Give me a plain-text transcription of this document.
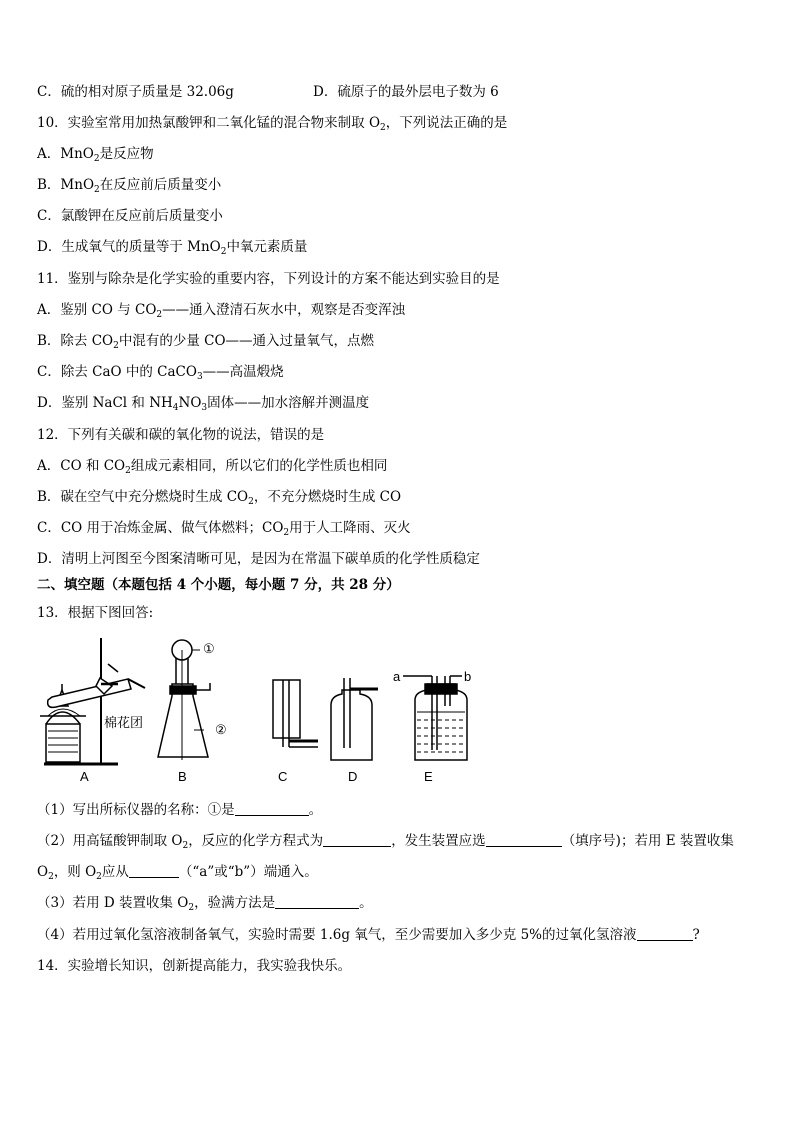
C．硫的相对原子质量是 32.06g	D．硫原子的最外层电子数为 6
10．实验室常用加热氯酸钾和二氧化锰的混合物来制取 $O_2$，下列说法正确的是
A．MnO$_2$是反应物
B．MnO$_2$在反应前后质量变小
C．氯酸钾在反应前后质量变小
D．生成氧气的质量等于 MnO$_2$中氧元素质量
11．鉴别与除杂是化学实验的重要内容，下列设计的方案不能达到实验目的是
A．鉴别 CO 与 $CO_2——$通入澄清石灰水中，观察是否变浑浊
B．除去 $CO_2$中混有的少量 CO——通入过量氧气，点燃
C．除去 CaO 中的 CaCO$_3$——高温煅烧
D．鉴别 NaCl 和 $NH_4NO_3$固体——加水溶解并测温度
12．下列有关碳和碳的氧化物的说法，错误的是
A．CO 和 $CO_2$组成元素相同，所以它们的化学性质也相同
B．碳在空气中充分燃烧时生成 $CO_2$，不充分燃烧时生成 CO
C．CO 用于冶炼金属、做气体燃料；$CO_2$用于人工降雨、灭火
D．清明上河图至今图案清晰可见，是因为在常温下碳单质的化学性质稳定
二、填空题（本题包括 4 个小题，每小题 7 分，共 28 分）
13．根据下图回答:
A	B	C	D	E
棉花团
①
②
a	b
（1）写出所标仪器的名称：①是	。
（2）用高锰酸钾制取 $O_2$，反应的化学方程式为	，发生装置应选	（填序号)；若用 E 装置收集
$O_2$，则 $O_2$应从	（“a”或“b”）端通入。
（3）若用 D 装置收集 $O_2$，验满方法是	。
（4）若用过氧化氢溶液制备氧气，实验时需要 1.6g 氧气，至少需要加入多少克 5%的过氧化氢溶液	?
14．实验增长知识，创新提高能力，我实验我快乐。
